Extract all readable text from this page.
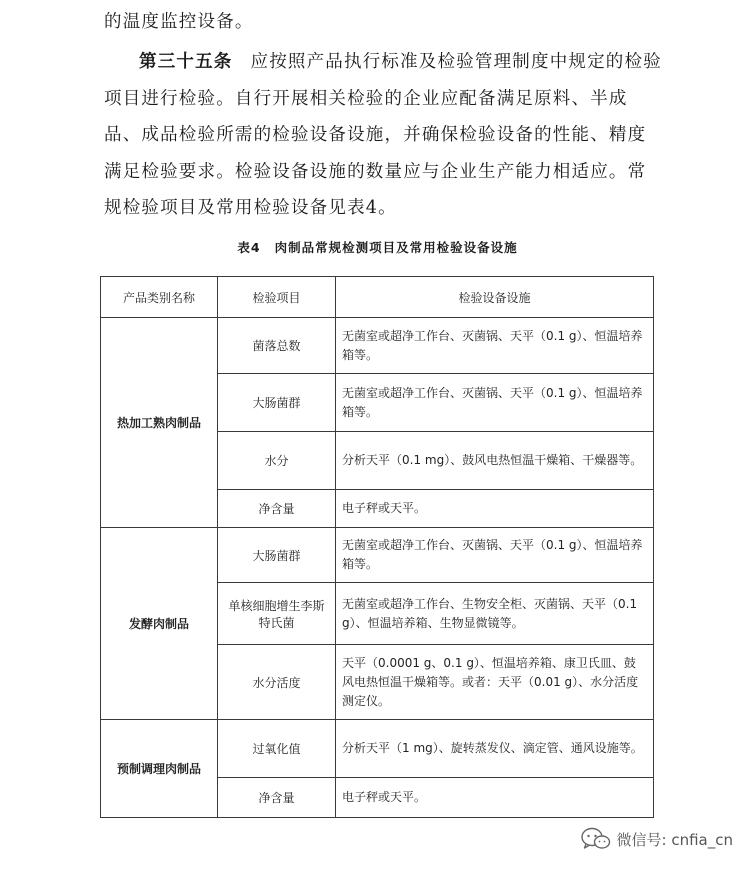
的温度监控设备。

第三十五条 应按照产品执行标准及检验管理制度中规定的检验项目进行检验。自行开展相关检验的企业应配备满足原料、半成品、成品检验所需的检验设备设施，并确保检验设备的性能、精度满足检验要求。检验设备设施的数量应与企业生产能力相适应。常规检验项目及常用检验设备见表4。

表4 肉制品常规检测项目及常用检验设备设施
产品类别名称	检验项目	检验设备设施
热加工熟肉制品	菌落总数	无菌室或超净工作台、灭菌锅、天平（0.1 g）、恒温培养箱等。
	大肠菌群	无菌室或超净工作台、灭菌锅、天平（0.1 g）、恒温培养箱等。
	水分	分析天平（0.1 mg）、鼓风电热恒温干燥箱、干燥器等。
	净含量	电子秤或天平。
发酵肉制品	大肠菌群	无菌室或超净工作台、灭菌锅、天平（0.1 g）、恒温培养箱等。
	单核细胞增生李斯特氏菌	无菌室或超净工作台、生物安全柜、灭菌锅、天平（0.1 g）、恒温培养箱、生物显微镜等。
	水分活度	天平（0.0001 g、0.1 g）、恒温培养箱、康卫氏皿、鼓风电热恒温干燥箱等。或者：天平（0.01 g）、水分活度测定仪。
预制调理肉制品	过氧化值	分析天平（1 mg）、旋转蒸发仪、滴定管、通风设施等。
	净含量	电子秤或天平。
微信号: cnfia_cn
